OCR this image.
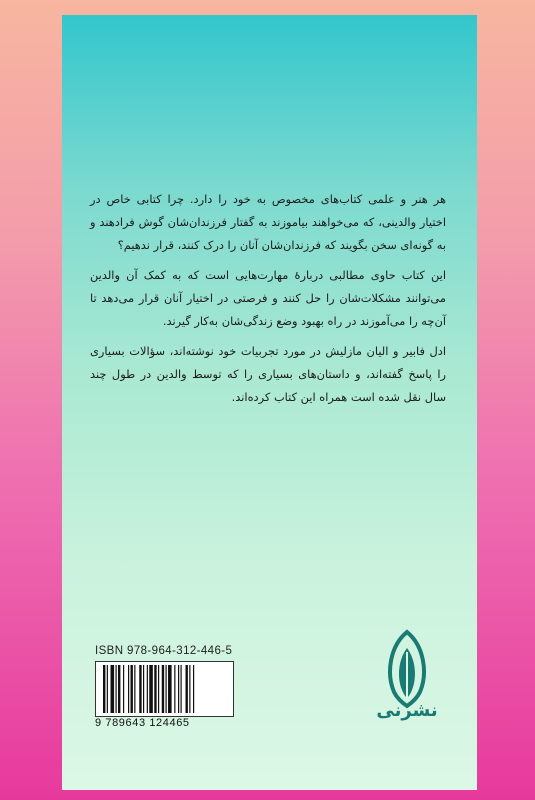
هر هنر و علمی کتاب‌های مخصوص به خود را دارد. چرا کتابی خاص در اختیار والدینی، که می‌خواهند بیاموزند به گفتار فرزندان‌شان گوش فرادهند و به گونه‌ای سخن بگویند که فرزندان‌شان آنان را درک کنند، قرار ندهیم؟

این کتاب حاوی مطالبی دربارهٔ مهارت‌هایی است که به کمک آن والدین می‌توانند مشکلات‌شان را حل کنند و فرصتی در اختیار آنان قرار می‌دهد تا آن‌چه را می‌آموزند در راه بهبود وضع زندگی‌شان به‌کار گیرند.

ادل فابیر و الیان مازلیش در مورد تجربیات خود نوشته‌اند، سؤالات بسیاری را پاسخ گفته‌اند، و داستان‌های بسیاری را که توسط والدین در طول چند سال نقل شده است همراه این کتاب کرده‌اند.

ISBN 978-964-312-446-5
9 789643 124465
نشرنی
